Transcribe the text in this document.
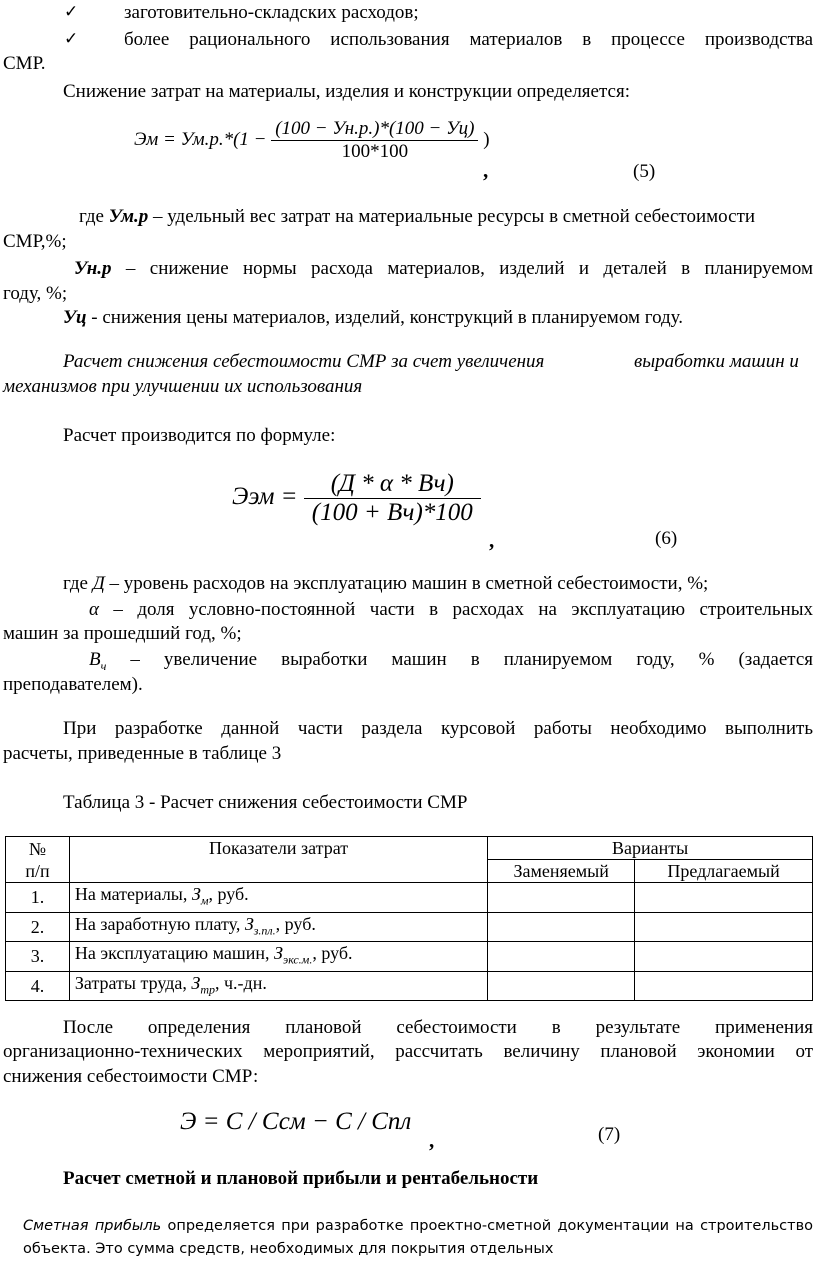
✓ заготовительно-складских расходов;
✓ более рационального использования материалов в процессе производства
СМР.
Снижение затрат на материалы, изделия и конструкции определяется:
Эм = $Ум.р.*(1 - \frac{(100 - Ун.р.)*(100 - Уц)}{100*100}$ )
,	(5)
где Ум.р – удельный вес затрат на материальные ресурсы в сметной себестоимости
СМР,%;
Ун.р – снижение нормы расхода материалов, изделий и деталей в планируемом
году, %;
Уц - снижения цены материалов, изделий, конструкций в планируемом году.
Расчет снижения себестоимости СМР за счет увеличения	выработки машин и
механизмов при улучшении их использования
Расчет производится по формуле:
Ээм = $\frac{(Д * \alpha * Вч)}{(100 + Вч)*100}$
,	(6)
где Д – уровень расходов на эксплуатацию машин в сметной себестоимости, %;
α – доля условно-постоянной части в расходах на эксплуатацию строительных
машин за прошедший год, %;
$В_ч$ – увеличение выработки машин в планируемом году, % (задается
преподавателем).
При разработке данной части раздела курсовой работы необходимо выполнить
расчеты, приведенные в таблице 3
Таблица 3 - Расчет снижения себестоимости СМР
№
п/п	Показатели затрат	Варианты	
		Заменяемый	Предлагаемый
1.	На материалы, $З_м$, руб.		
2.	На заработную плату, $З_{з.пл.}$, руб.		
3.	На эксплуатацию машин, $З_{экс.м.}$, руб.		
4.	Затраты труда, $З_{тр}$, ч.-дн.		
После определения плановой себестоимости в результате применения
организационно-технических мероприятий, рассчитать величину плановой экономии от
снижения себестоимости СМР:
Э = С / Ссм − С / Спл
,	(7)
Расчет сметной и плановой прибыли и рентабельности
Сметная прибыль определяется при разработке проектно-сметной документации на строительство
объекта. Это сумма средств, необходимых для покрытия отдельных
